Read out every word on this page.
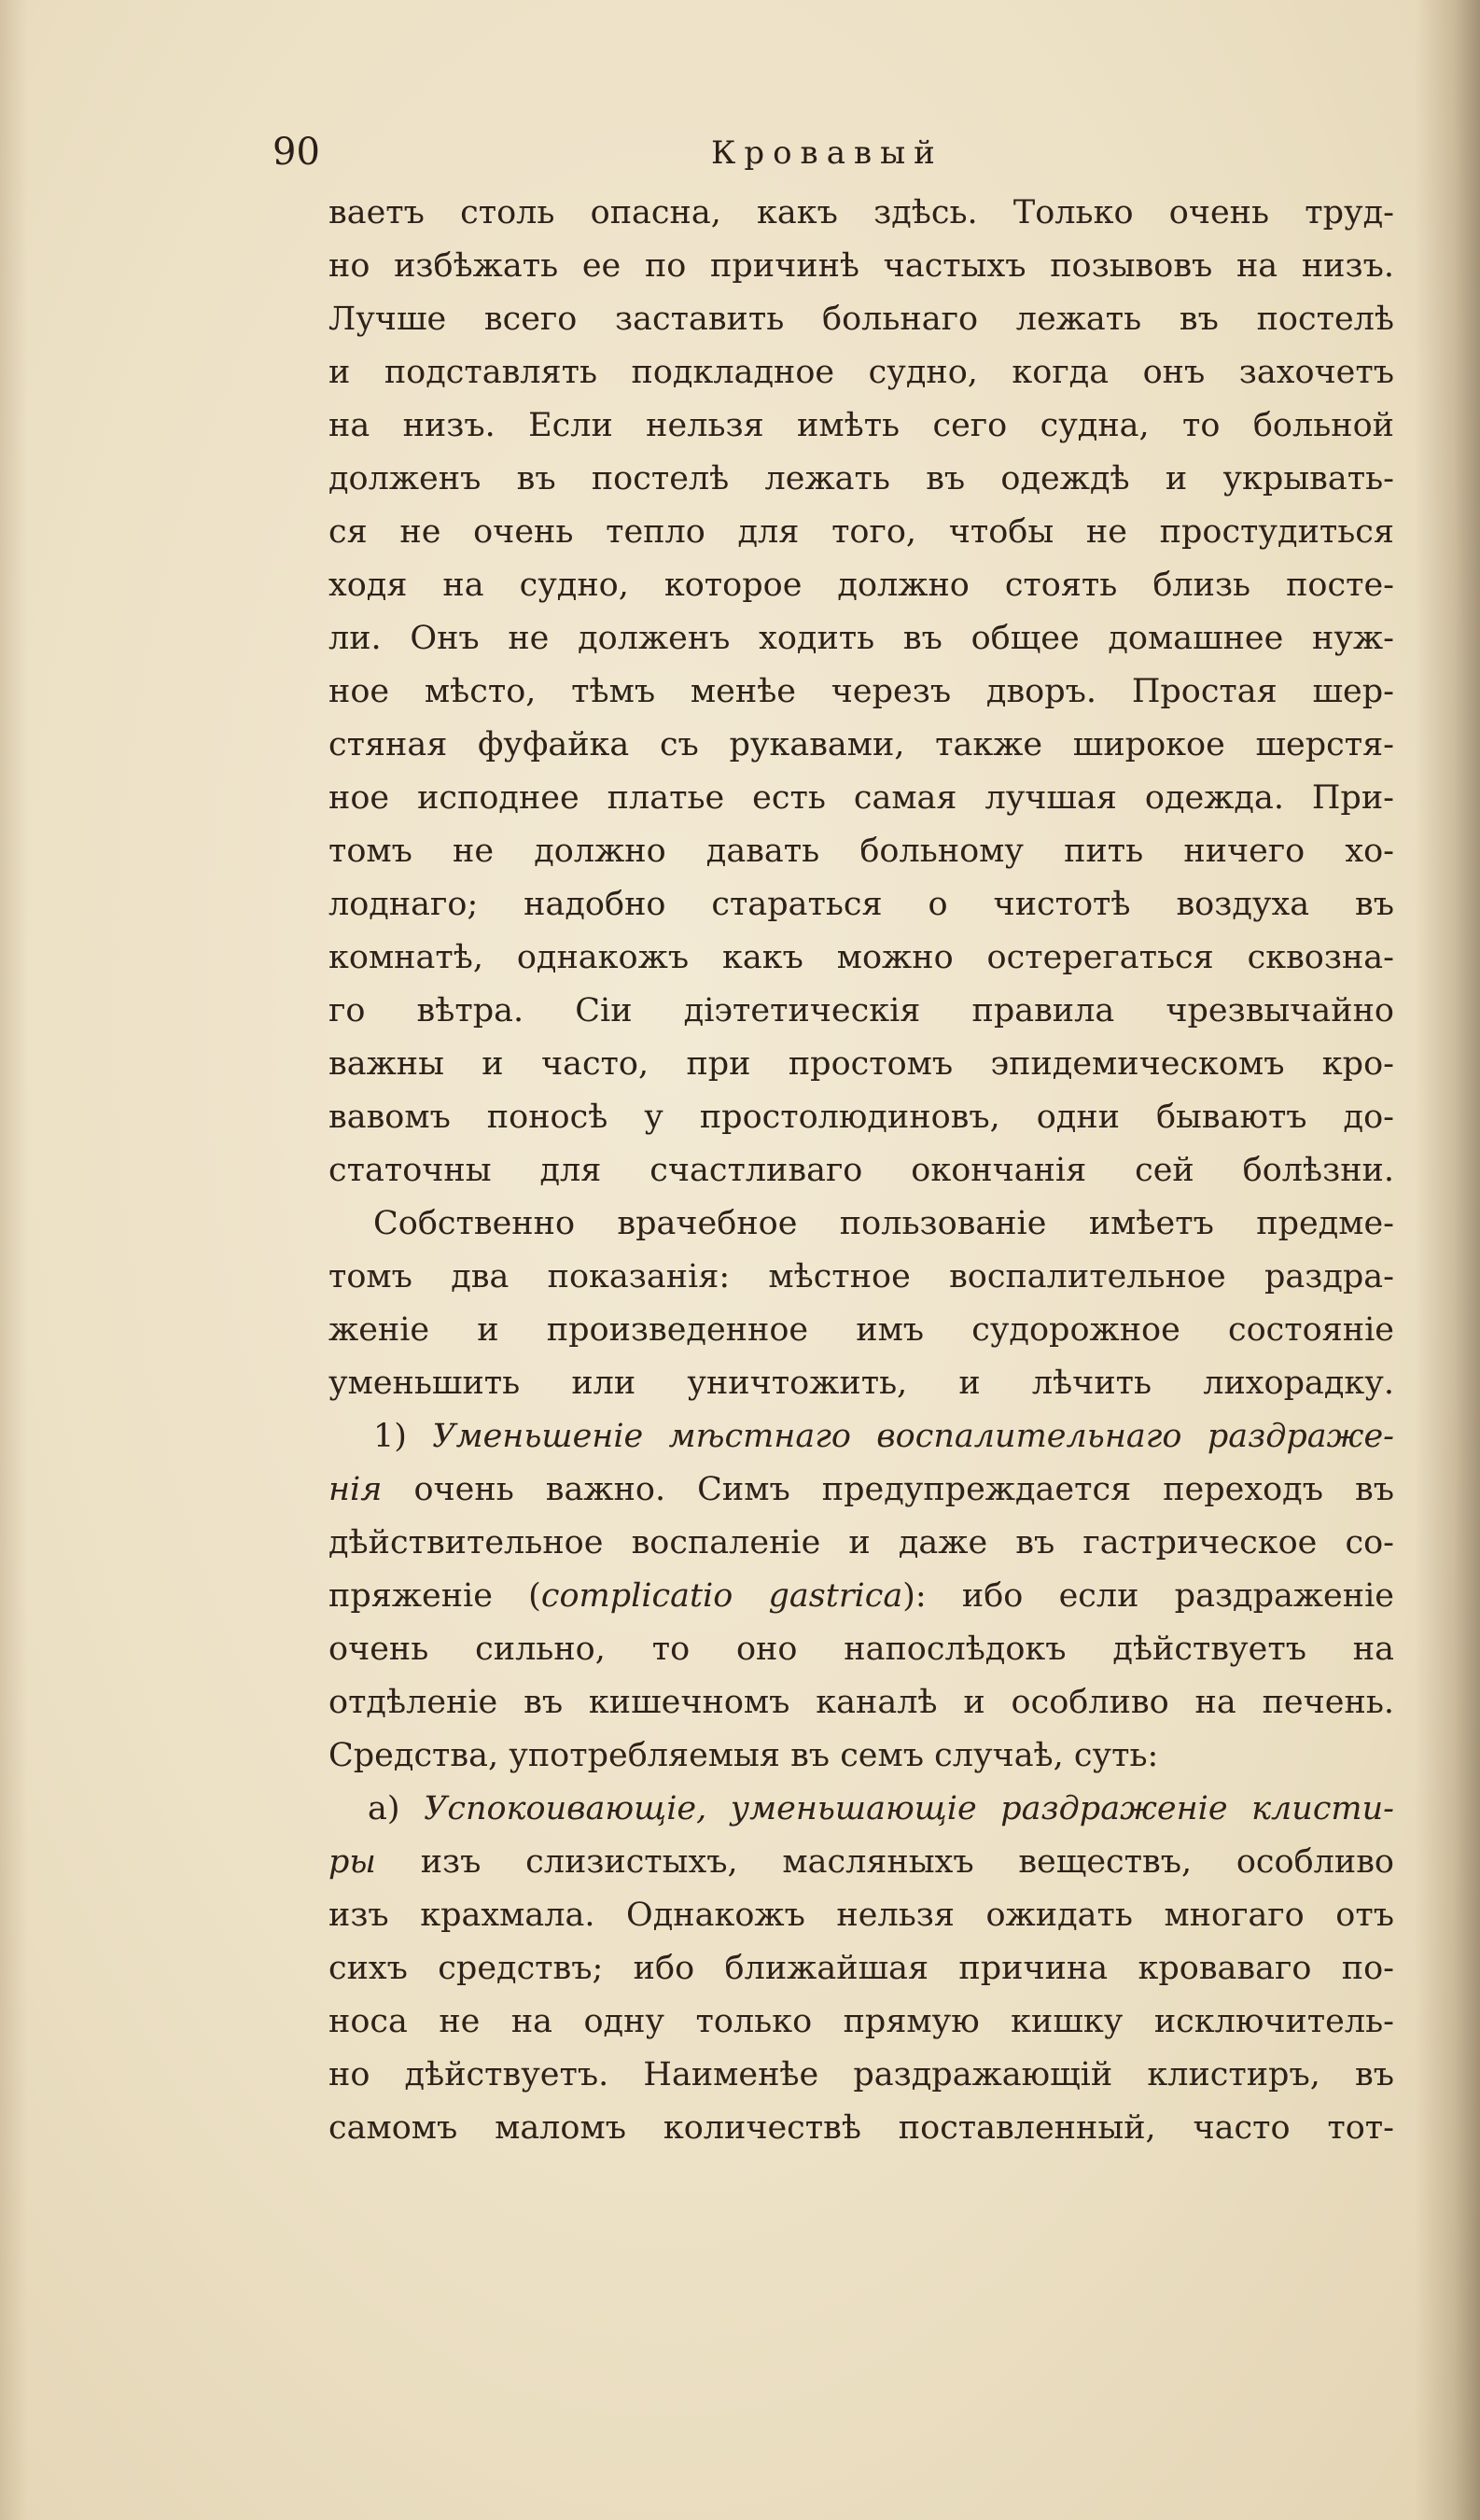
90	Кровавый
ваетъ столь опасна, какъ здѣсь. Только очень труд-
но избѣжать ее по причинѣ частыхъ позывовъ на низъ.
Лучше всего заставить больнаго лежать въ постелѣ
и подставлять подкладное судно, когда онъ захочетъ
на низъ. Если нельзя имѣть сего судна, то больной
долженъ въ постелѣ лежать въ одеждѣ и укрывать-
ся не очень тепло для того, чтобы не простудиться
ходя на судно, которое должно стоять близь посте-
ли. Онъ не долженъ ходить въ общее домашнее нуж-
ное мѣсто, тѣмъ менѣе черезъ дворъ. Простая шер-
стяная фуфайка съ рукавами, также широкое шерстя-
ное исподнее платье есть самая лучшая одежда. При-
томъ не должно давать больному пить ничего хо-
лоднаго; надобно стараться о чистотѣ воздуха въ
комнатѣ, однакожъ какъ можно остерегаться сквозна-
го вѣтра. Сіи діэтетическія правила чрезвычайно
важны и часто, при простомъ эпидемическомъ кро-
вавомъ поносѣ у простолюдиновъ, одни бываютъ до-
статочны для счастливаго окончанія сей болѣзни.
Собственно врачебное пользованіе имѣетъ предме-
томъ два показанія: мѣстное воспалительное раздра-
женіе и произведенное имъ судорожное состояніе
уменьшить или уничтожить, и лѣчить лихорадку.
1) Уменьшеніе мѣстнаго воспалительнаго раздраже-
нія очень важно. Симъ предупреждается переходъ въ
дѣйствительное воспаленіе и даже въ гастрическое со-
пряженіе (complicatio gastrica): ибо если раздраженіе
очень сильно, то оно напослѣдокъ дѣйствуетъ на
отдѣленіе въ кишечномъ каналѣ и особливо на печень.
Средства, употребляемыя въ семъ случаѣ, суть:
a) Успокоивающіе, уменьшающіе раздраженіе клисти-
ры изъ слизистыхъ, масляныхъ веществъ, особливо
изъ крахмала. Однакожъ нельзя ожидать многаго отъ
сихъ средствъ; ибо ближайшая причина кроваваго по-
носа не на одну только прямую кишку исключитель-
но дѣйствуетъ. Наименѣе раздражающій клистиръ, въ
самомъ маломъ количествѣ поставленный, часто тот-
